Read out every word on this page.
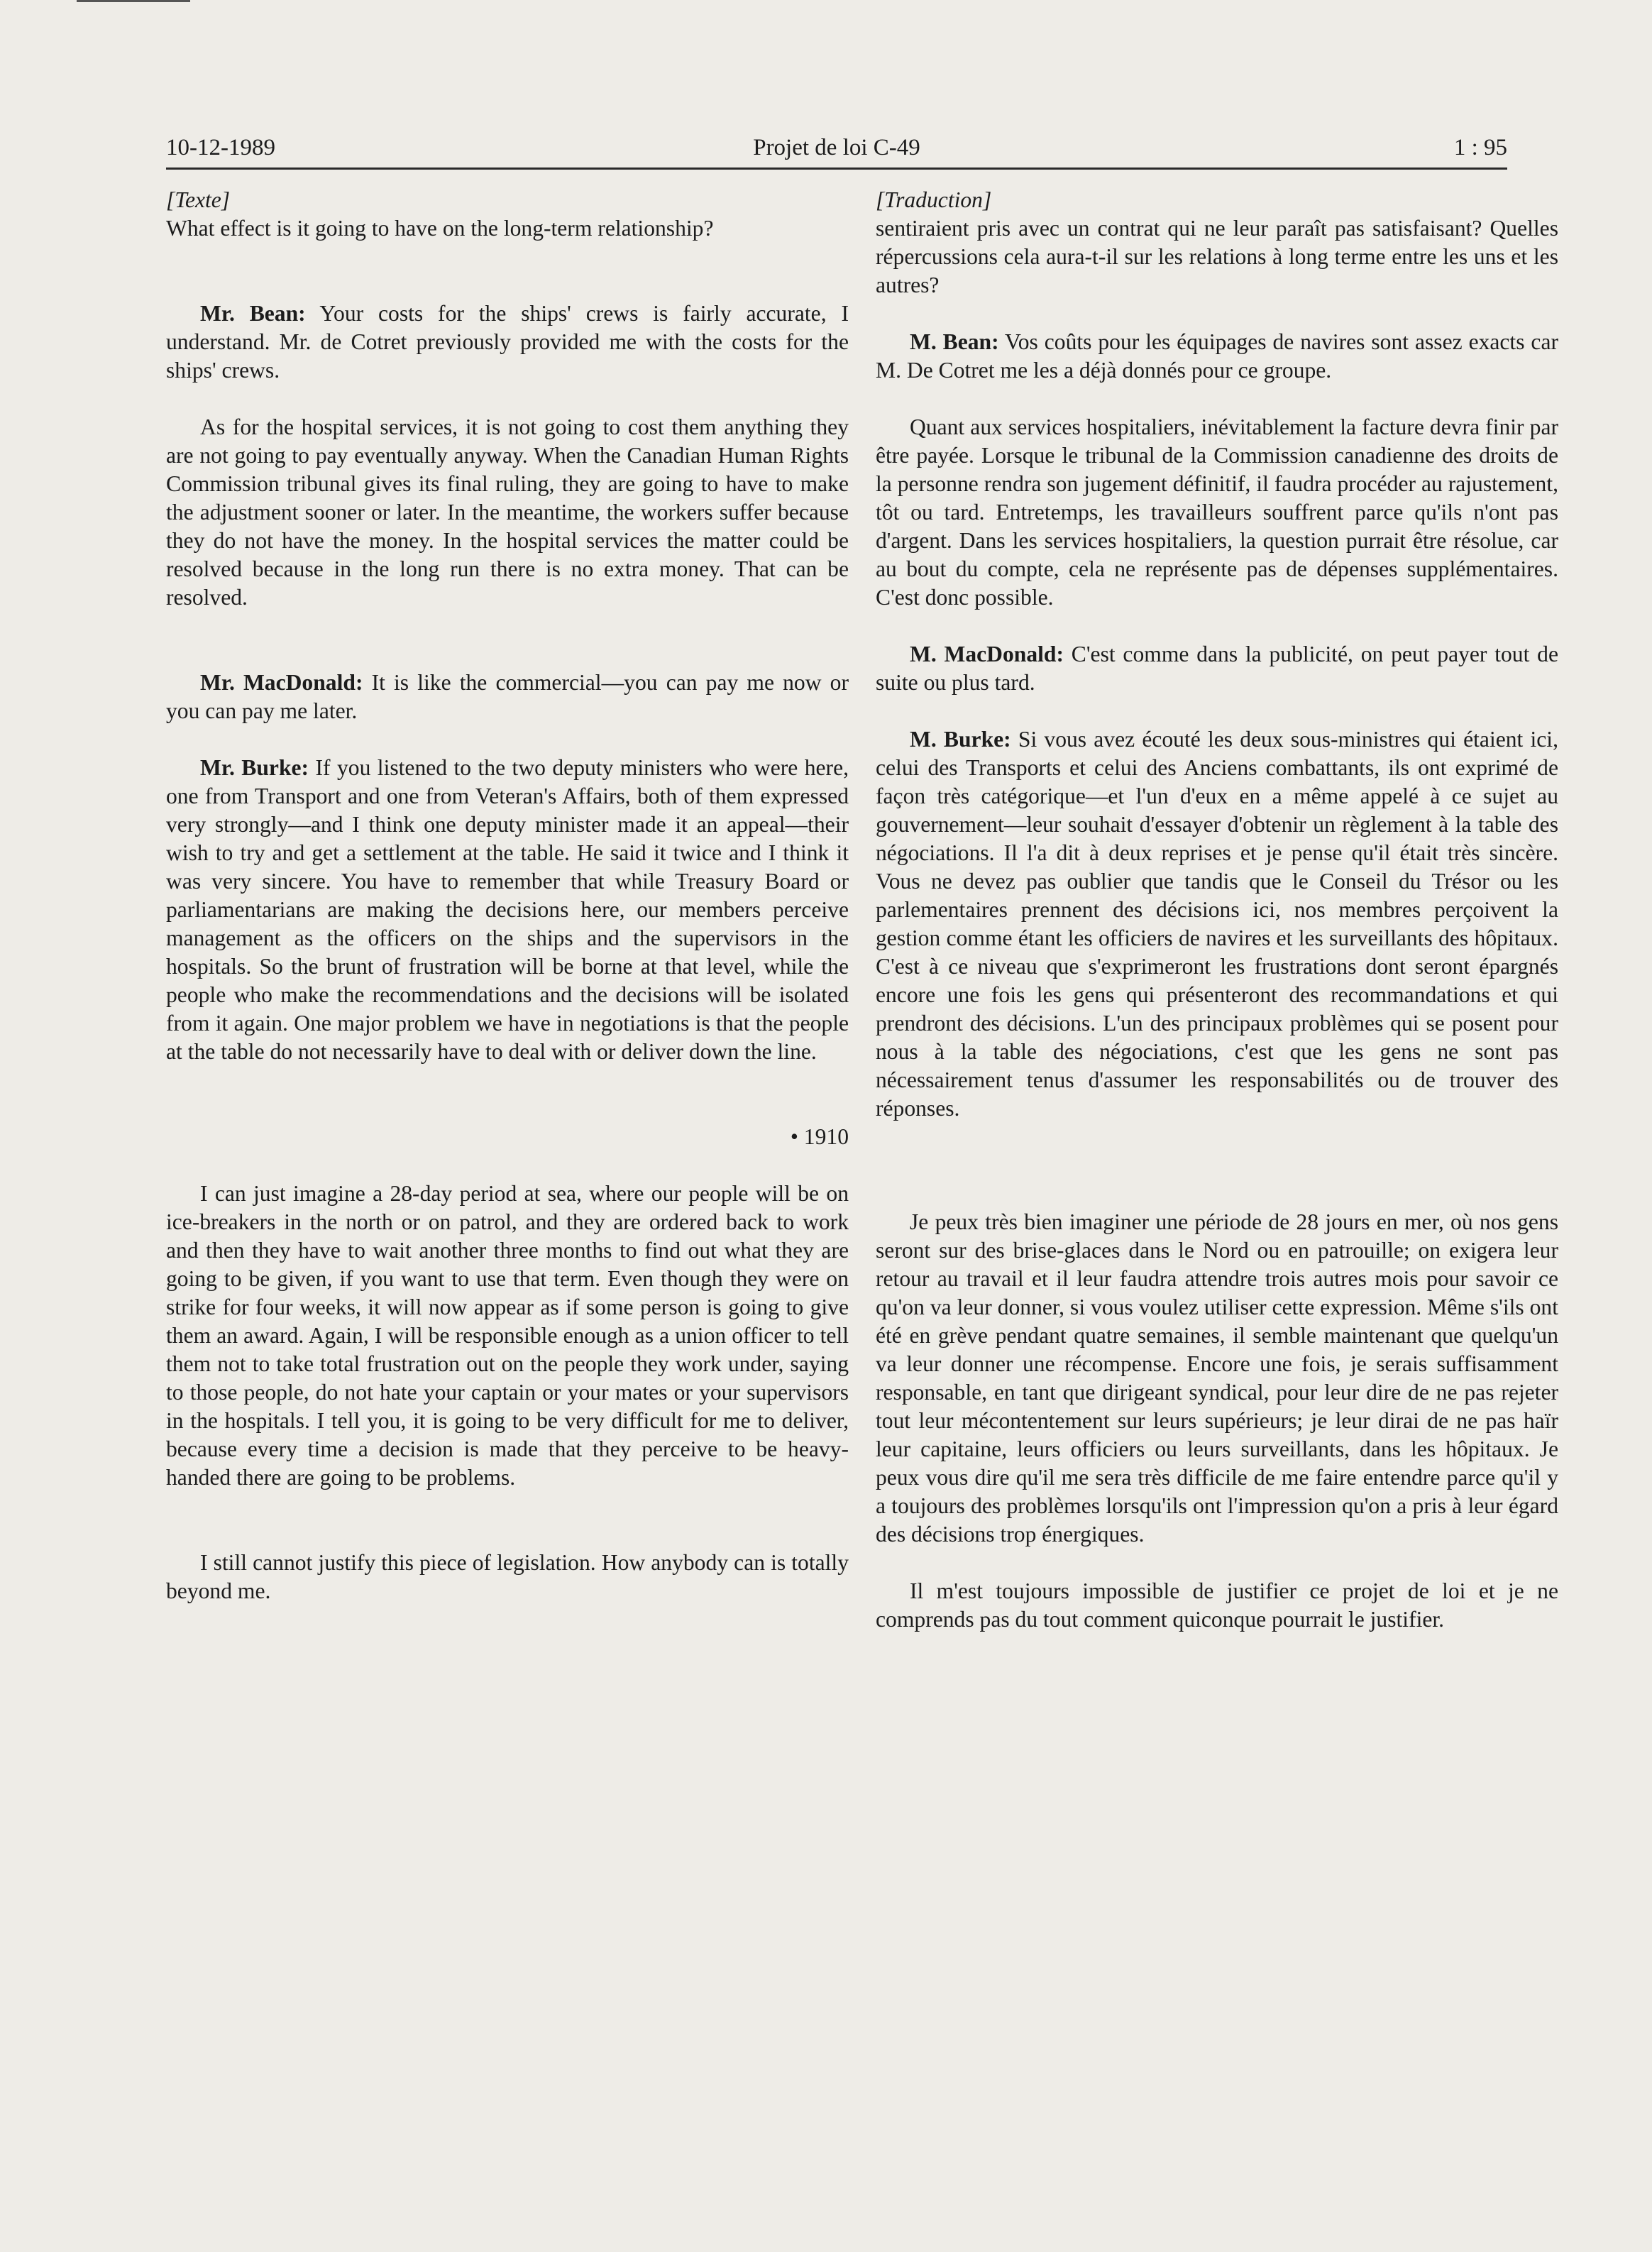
10-12-1989	Projet de loi C-49	1 : 95
[Texte]

What effect is it going to have on the long-term relationship?

Mr. Bean: Your costs for the ships' crews is fairly accurate, I understand. Mr. de Cotret previously provided me with the costs for the ships' crews.

As for the hospital services, it is not going to cost them anything they are not going to pay eventually anyway. When the Canadian Human Rights Commission tribunal gives its final ruling, they are going to have to make the adjustment sooner or later. In the meantime, the workers suffer because they do not have the money. In the hospital services the matter could be resolved because in the long run there is no extra money. That can be resolved.

Mr. MacDonald: It is like the commercial—you can pay me now or you can pay me later.

Mr. Burke: If you listened to the two deputy ministers who were here, one from Transport and one from Veteran's Affairs, both of them expressed very strongly—and I think one deputy minister made it an appeal—their wish to try and get a settlement at the table. He said it twice and I think it was very sincere. You have to remember that while Treasury Board or parliamentarians are making the decisions here, our members perceive management as the officers on the ships and the supervisors in the hospitals. So the brunt of frustration will be borne at that level, while the people who make the recommendations and the decisions will be isolated from it again. One major problem we have in negotiations is that the people at the table do not necessarily have to deal with or deliver down the line.

• 1910

I can just imagine a 28-day period at sea, where our people will be on ice-breakers in the north or on patrol, and they are ordered back to work and then they have to wait another three months to find out what they are going to be given, if you want to use that term. Even though they were on strike for four weeks, it will now appear as if some person is going to give them an award. Again, I will be responsible enough as a union officer to tell them not to take total frustration out on the people they work under, saying to those people, do not hate your captain or your mates or your supervisors in the hospitals. I tell you, it is going to be very difficult for me to deliver, because every time a decision is made that they perceive to be heavy-handed there are going to be problems.

I still cannot justify this piece of legislation. How anybody can is totally beyond me.

[Traduction]

sentiraient pris avec un contrat qui ne leur paraît pas satisfaisant? Quelles répercussions cela aura-t-il sur les relations à long terme entre les uns et les autres?

M. Bean: Vos coûts pour les équipages de navires sont assez exacts car M. De Cotret me les a déjà donnés pour ce groupe.

Quant aux services hospitaliers, inévitablement la facture devra finir par être payée. Lorsque le tribunal de la Commission canadienne des droits de la personne rendra son jugement définitif, il faudra procéder au rajustement, tôt ou tard. Entretemps, les travailleurs souffrent parce qu'ils n'ont pas d'argent. Dans les services hospitaliers, la question purrait être résolue, car au bout du compte, cela ne représente pas de dépenses supplémentaires. C'est donc possible.

M. MacDonald: C'est comme dans la publicité, on peut payer tout de suite ou plus tard.

M. Burke: Si vous avez écouté les deux sous-ministres qui étaient ici, celui des Transports et celui des Anciens combattants, ils ont exprimé de façon très catégorique—et l'un d'eux en a même appelé à ce sujet au gouvernement—leur souhait d'essayer d'obtenir un règlement à la table des négociations. Il l'a dit à deux reprises et je pense qu'il était très sincère. Vous ne devez pas oublier que tandis que le Conseil du Trésor ou les parlementaires prennent des décisions ici, nos membres perçoivent la gestion comme étant les officiers de navires et les surveillants des hôpitaux. C'est à ce niveau que s'exprimeront les frustrations dont seront épargnés encore une fois les gens qui présenteront des recommandations et qui prendront des décisions. L'un des principaux problèmes qui se posent pour nous à la table des négociations, c'est que les gens ne sont pas nécessairement tenus d'assumer les responsabilités ou de trouver des réponses.

Je peux très bien imaginer une période de 28 jours en mer, où nos gens seront sur des brise-glaces dans le Nord ou en patrouille; on exigera leur retour au travail et il leur faudra attendre trois autres mois pour savoir ce qu'on va leur donner, si vous voulez utiliser cette expression. Même s'ils ont été en grève pendant quatre semaines, il semble maintenant que quelqu'un va leur donner une récompense. Encore une fois, je serais suffisamment responsable, en tant que dirigeant syndical, pour leur dire de ne pas rejeter tout leur mécontentement sur leurs supérieurs; je leur dirai de ne pas haïr leur capitaine, leurs officiers ou leurs surveillants, dans les hôpitaux. Je peux vous dire qu'il me sera très difficile de me faire entendre parce qu'il y a toujours des problèmes lorsqu'ils ont l'impression qu'on a pris à leur égard des décisions trop énergiques.

Il m'est toujours impossible de justifier ce projet de loi et je ne comprends pas du tout comment quiconque pourrait le justifier.
